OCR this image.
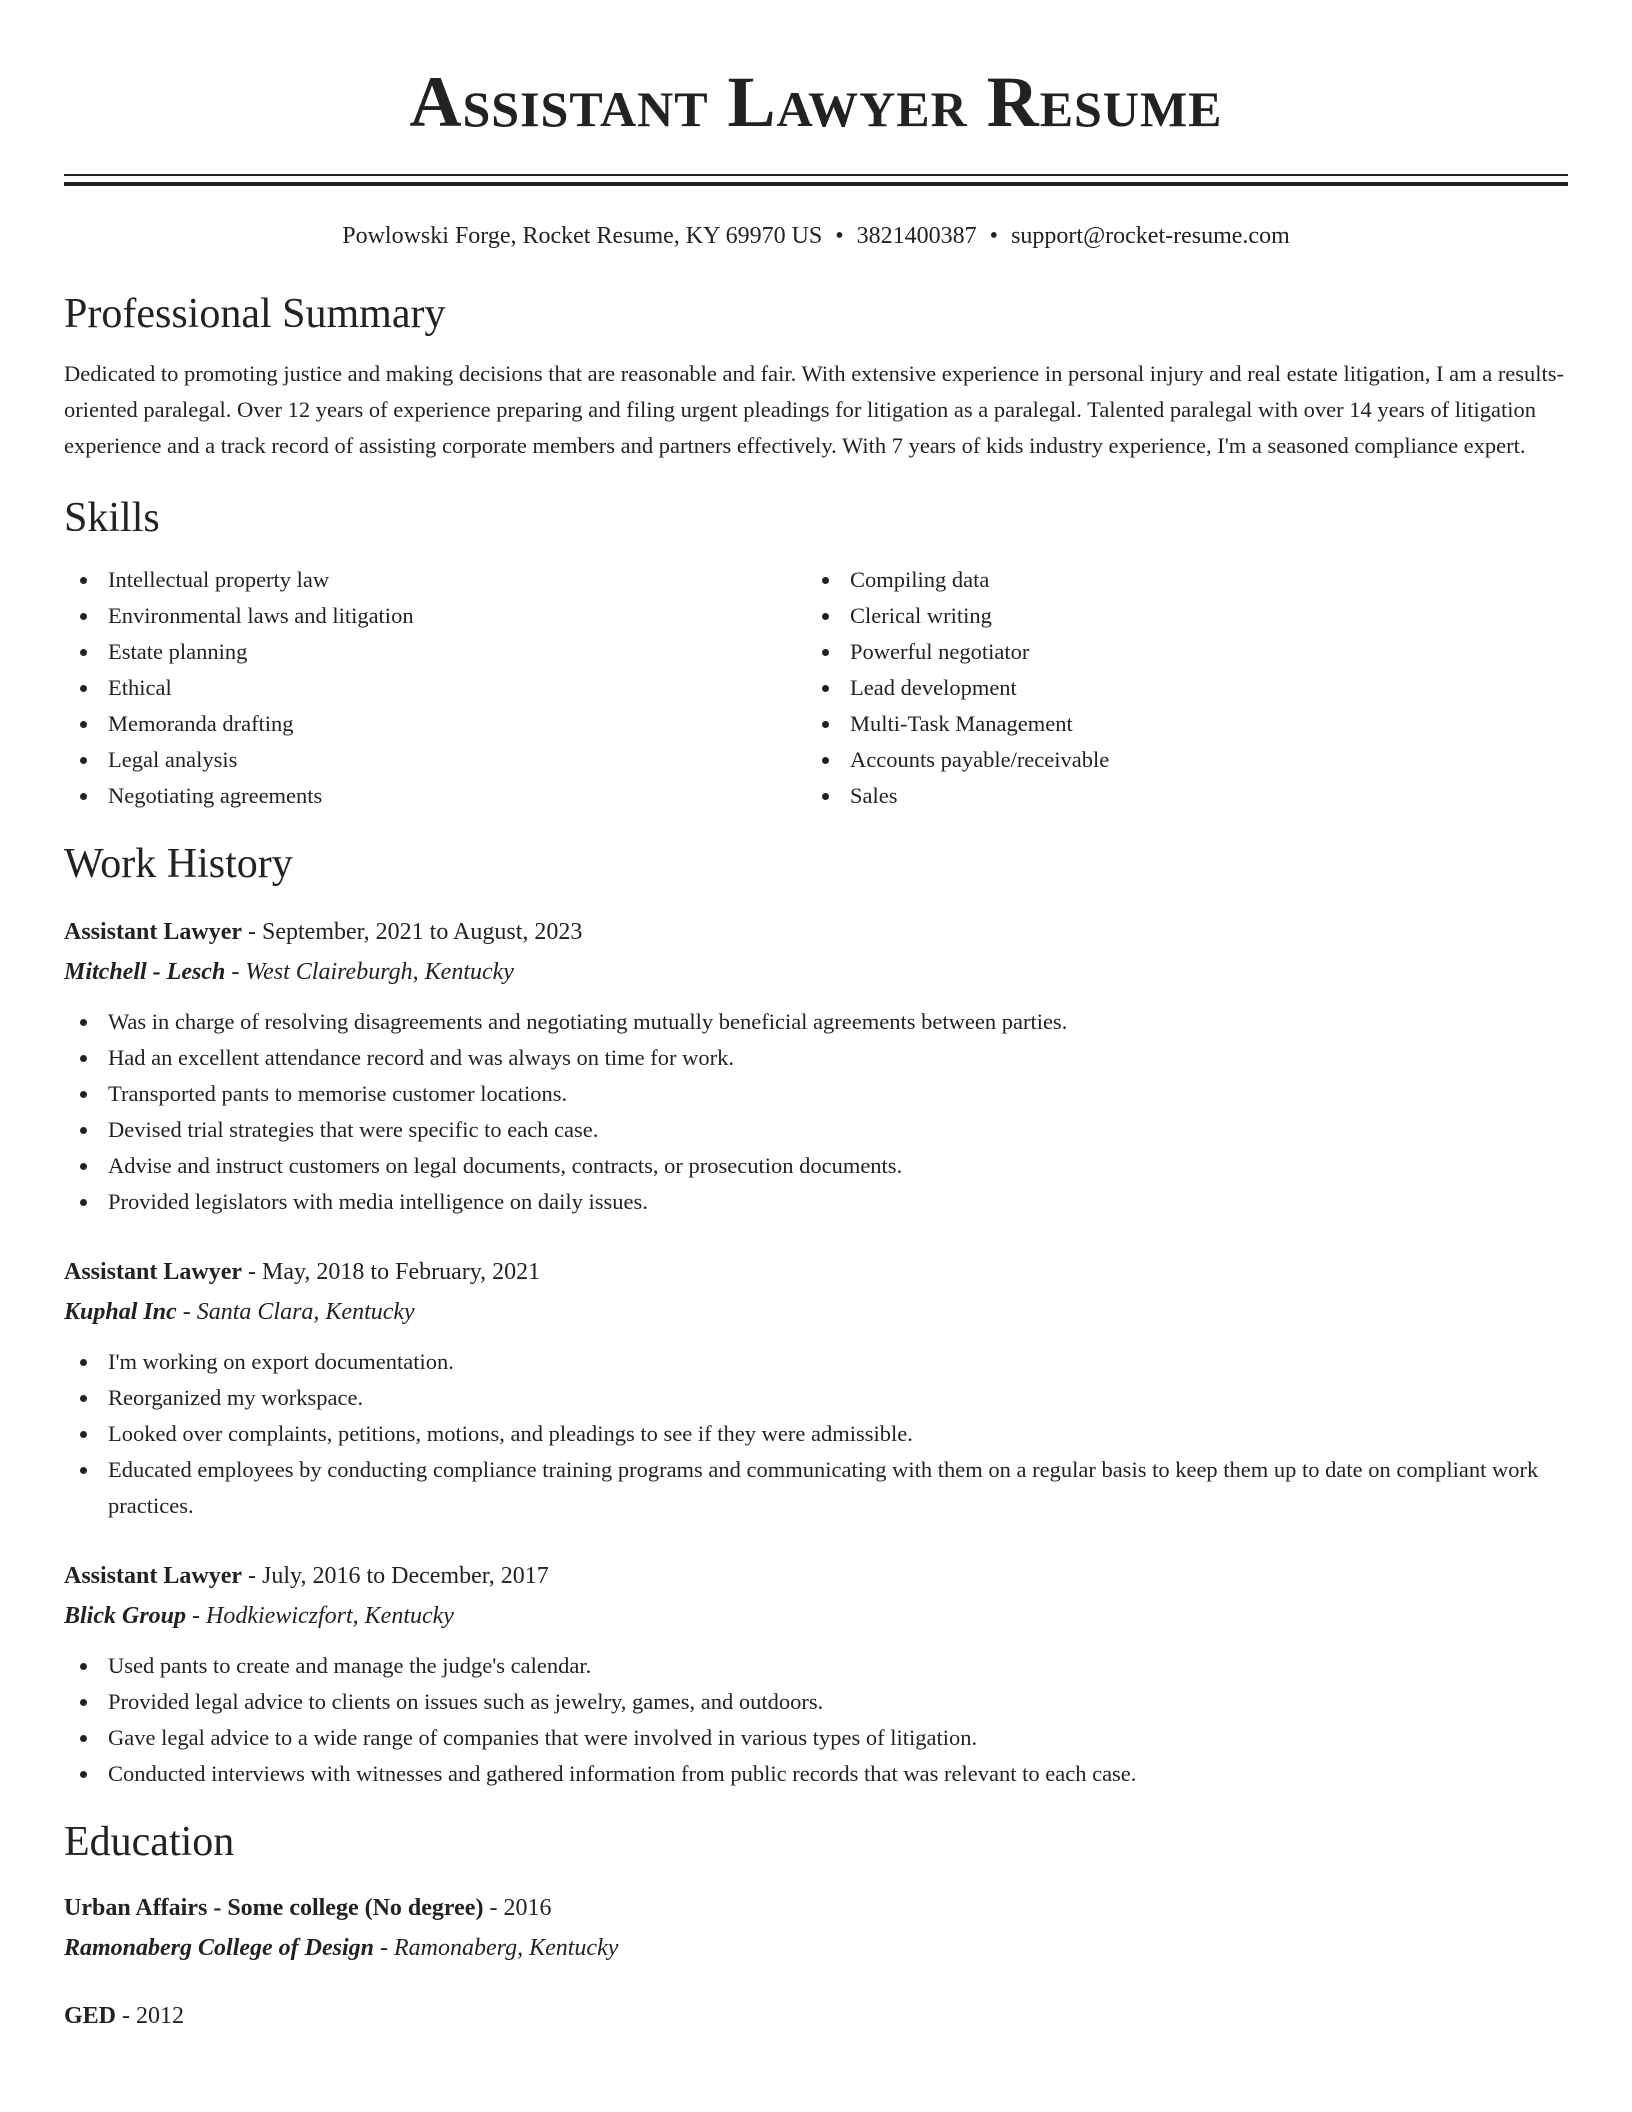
Assistant Lawyer Resume
Powlowski Forge, Rocket Resume, KY 69970 US • 3821400387 • support@rocket-resume.com
Professional Summary

Dedicated to promoting justice and making decisions that are reasonable and fair. With extensive experience in personal injury and real estate litigation, I am a results-oriented paralegal. Over 12 years of experience preparing and filing urgent pleadings for litigation as a paralegal. Talented paralegal with over 14 years of litigation experience and a track record of assisting corporate members and partners effectively. With 7 years of kids industry experience, I'm a seasoned compliance expert.

Skills
Intellectual property law
Environmental laws and litigation
Estate planning
Ethical
Memoranda drafting
Legal analysis
Negotiating agreements
Compiling data
Clerical writing
Powerful negotiator
Lead development
Multi-Task Management
Accounts payable/receivable
Sales
Work History
Assistant Lawyer - September, 2021 to August, 2023
Mitchell - Lesch - West Claireburgh, Kentucky
Was in charge of resolving disagreements and negotiating mutually beneficial agreements between parties.
Had an excellent attendance record and was always on time for work.
Transported pants to memorise customer locations.
Devised trial strategies that were specific to each case.
Advise and instruct customers on legal documents, contracts, or prosecution documents.
Provided legislators with media intelligence on daily issues.
Assistant Lawyer - May, 2018 to February, 2021
Kuphal Inc - Santa Clara, Kentucky
I'm working on export documentation.
Reorganized my workspace.
Looked over complaints, petitions, motions, and pleadings to see if they were admissible.
Educated employees by conducting compliance training programs and communicating with them on a regular basis to keep them up to date on compliant work practices.
Assistant Lawyer - July, 2016 to December, 2017
Blick Group - Hodkiewiczfort, Kentucky
Used pants to create and manage the judge's calendar.
Provided legal advice to clients on issues such as jewelry, games, and outdoors.
Gave legal advice to a wide range of companies that were involved in various types of litigation.
Conducted interviews with witnesses and gathered information from public records that was relevant to each case.
Education
Urban Affairs - Some college (No degree) - 2016
Ramonaberg College of Design - Ramonaberg, Kentucky
GED - 2012
